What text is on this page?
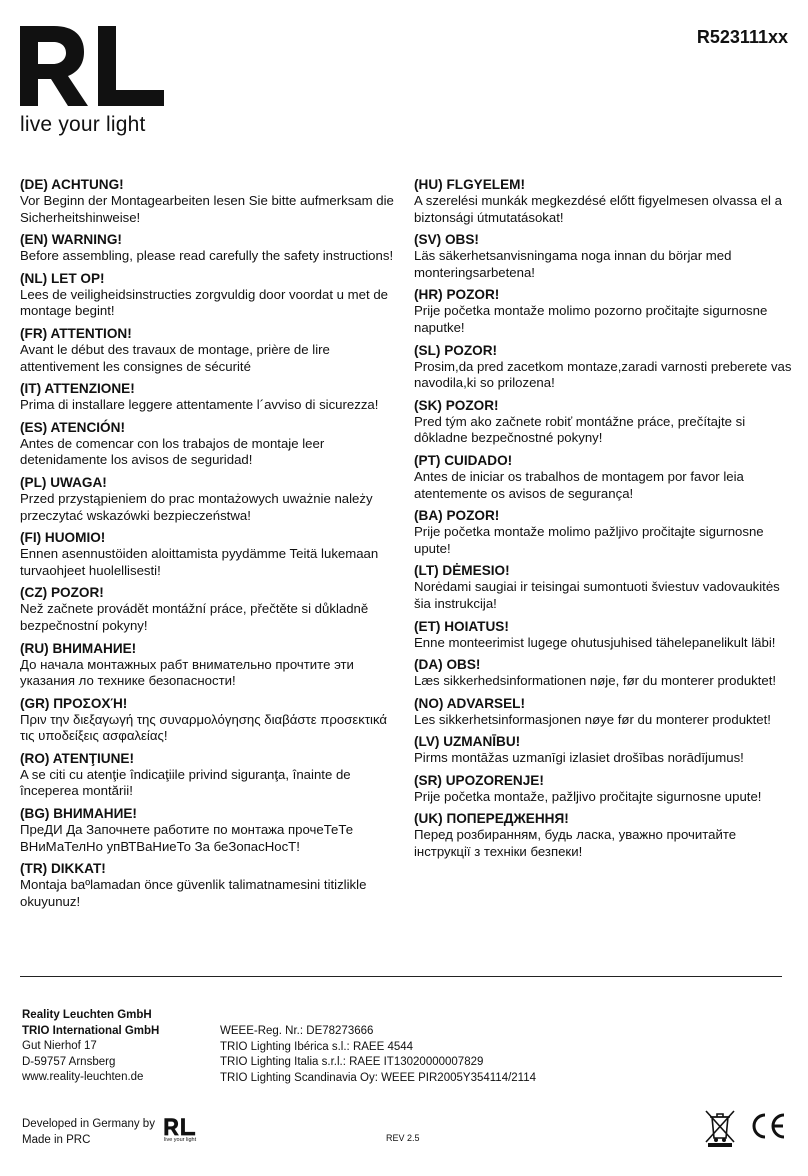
live your light
R523111xx
(DE) ACHTUNG!
Vor Beginn der Montagearbeiten lesen Sie bitte aufmerksam die Sicherheitshinweise!
(EN) WARNING!
Before assembling, please read carefully the safety instructions!
(NL) LET OP!
Lees de veiligheidsinstructies zorgvuldig door voordat u met de montage begint!
(FR) ATTENTION!
Avant le début des travaux de montage, prière de lire attentivement les consignes de sécurité
(IT) ATTENZIONE!
Prima di installare leggere attentamente l´avviso di sicurezza!
(ES) ATENCIÓN!
Antes de comencar con los trabajos de montaje leer detenidamente los avisos de seguridad!
(PL) UWAGA!
Przed przystąpieniem do prac montażowych uważnie należy przeczytać wskazówki bezpieczeństwa!
(FI) HUOMIO!
Ennen asennustöiden aloittamista pyydämme Teitä lukemaan turvaohjeet huolellisesti!
(CZ) POZOR!
Než začnete provádět montážní práce, přečtěte si důkladně bezpečnostní pokyny!
(RU) ВНИМАНИЕ!
До начала монтажных рабт внимательно прочтите эти указания ло технике безопасности!
(GR) ΠΡΟΣΟΧΉ!
Πριν την διεξαγωγή της συναρμολόγησης διαβάστε προσεκτικά τις υποδείξεις ασφαλείας!
(RO) ATENŢIUNE!
A se citi cu atenţie îndicaţiile privind siguranţa, înainte de începerea montării!
(BG) ВНИМАНИЕ!
ПреДИ Да Започнете работите по монтажа прочеТеТе ВНиМаТелНо упВТВаНиеТо За беЗопасНосТ!
(TR) DIKKAT!
Montaja baºlamadan önce güvenlik talimatnamesini titizlikle okuyunuz!
(HU) FLGYELEM!
A szerelési munkák megkezdésé előtt figyelmesen olvassa el a biztonsági útmutatásokat!
(SV) OBS!
Läs säkerhetsanvisningama noga innan du börjar med monteringsarbetena!
(HR) POZOR!
Prije početka montaže molimo pozorno pročitajte sigurnosne naputke!
(SL) POZOR!
Prosim,da pred zacetkom montaze,zaradi varnosti preberete vas navodila,ki so prilozena!
(SK) POZOR!
Pred tým ako začnete robiť montážne práce, prečítajte si dôkladne bezpečnostné pokyny!
(PT) CUIDADO!
Antes de iniciar os trabalhos de montagem por favor leia atentemente os avisos de segurança!
(BA) POZOR!
Prije početka montaže molimo pažljivo pročitajte sigurnosne upute!
(LT) DĖMESIO!
Norėdami saugiai ir teisingai sumontuoti šviestuv vadovaukitės šia instrukcija!
(ET) HOIATUS!
Enne monteerimist lugege ohutusjuhised tähelepanelikult läbi!
(DA) OBS!
Læs sikkerhedsinformationen nøje, før du monterer produktet!
(NO) ADVARSEL!
Les sikkerhetsinformasjonen nøye før du monterer produktet!
(LV) UZMANĪBU!
Pirms montāžas uzmanīgi izlasiet drošības norādījumus!
(SR) UPOZORENJE!
Prije početka montaže, pažljivo pročitajte sigurnosne upute!
(UK) ПОПЕРЕДЖЕННЯ!
Перед розбиранням, будь ласка, уважно прочитайте інструкції з техніки безпеки!
Reality Leuchten GmbH
TRIO International GmbH
Gut Nierhof 17
D-59757 Arnsberg
www.reality-leuchten.de
WEEE-Reg. Nr.: DE78273666
TRIO Lighting Ibérica s.l.: RAEE 4544
TRIO Lighting Italia s.r.l.: RAEE IT13020000007829
TRIO Lighting Scandinavia Oy: WEEE PIR2005Y354114/2114
Developed in Germany by
Made in PRC	live your light	REV 2.5
